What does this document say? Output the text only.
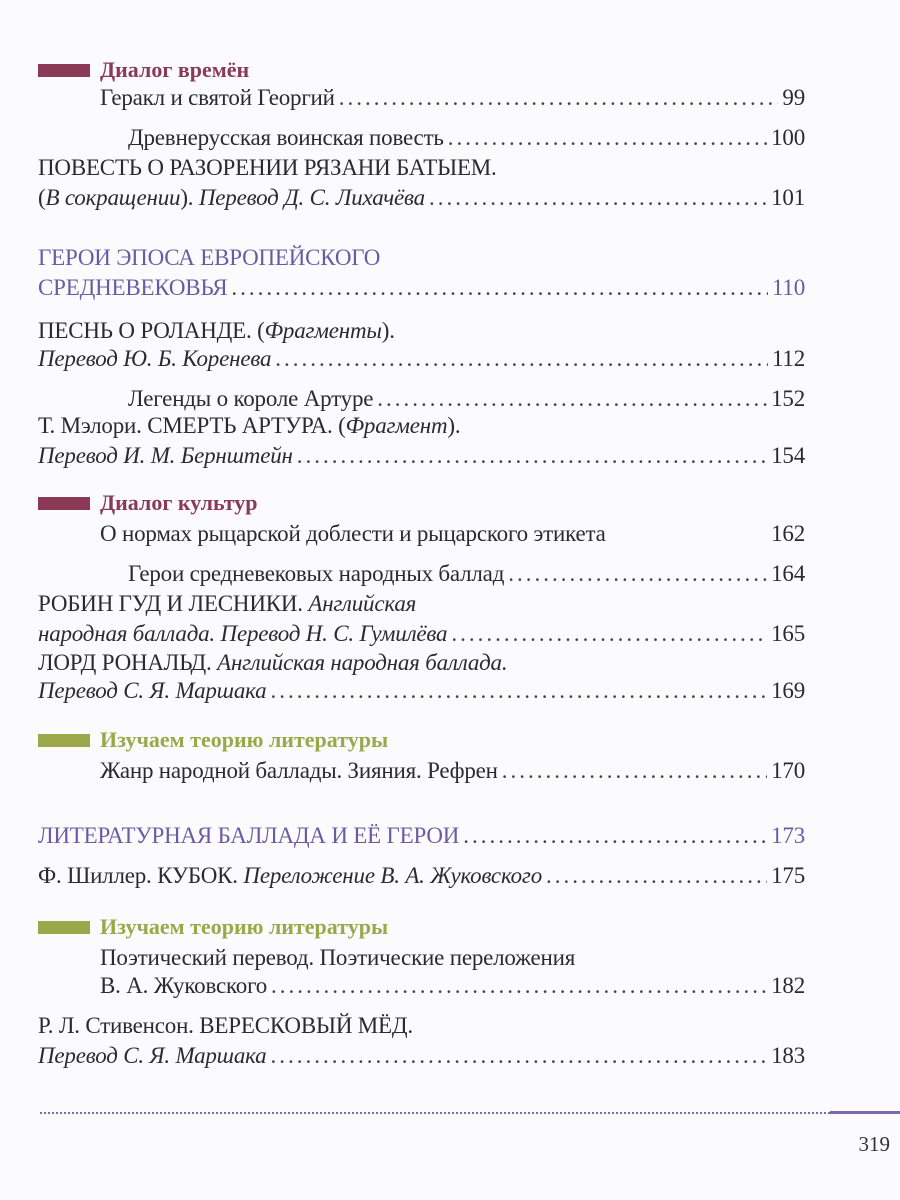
Диалог времён
Геракл и святой Георгий .....	99
Древнерусская воинская повесть .....	100
ПОВЕСТЬ О РАЗОРЕНИИ РЯЗАНИ БАТЫЕМ.
(В сокращении). Перевод Д. С. Лихачёва .....	101
ГЕРОИ ЭПОСА ЕВРОПЕЙСКОГО
СРЕДНЕВЕКОВЬЯ .....	110
ПЕСНЬ О РОЛАНДЕ. (Фрагменты).
Перевод Ю. Б. Коренева .....	112
Легенды о короле Артуре .....	152
Т. Мэлори. СМЕРТЬ АРТУРА. (Фрагмент).
Перевод И. М. Бернштейн .....	154
Диалог культур
О нормах рыцарской доблести и рыцарского этикета	162
Герои средневековых народных баллад .....	164
РОБИН ГУД И ЛЕСНИКИ. Английская
народная баллада. Перевод Н. С. Гумилёва .....	165
ЛОРД РОНАЛЬД. Английская народная баллада.
Перевод С. Я. Маршака .....	169
Изучаем теорию литературы
Жанр народной баллады. Зияния. Рефрен .....	170
ЛИТЕРАТУРНАЯ БАЛЛАДА И ЕЁ ГЕРОИ .....	173
Ф. Шиллер. КУБОК. Переложение В. А. Жуковского .....	175
Изучаем теорию литературы
Поэтический перевод. Поэтические переложения
В. А. Жуковского .....	182
Р. Л. Стивенсон. ВЕРЕСКОВЫЙ МЁД.
Перевод С. Я. Маршака .....	183
319
